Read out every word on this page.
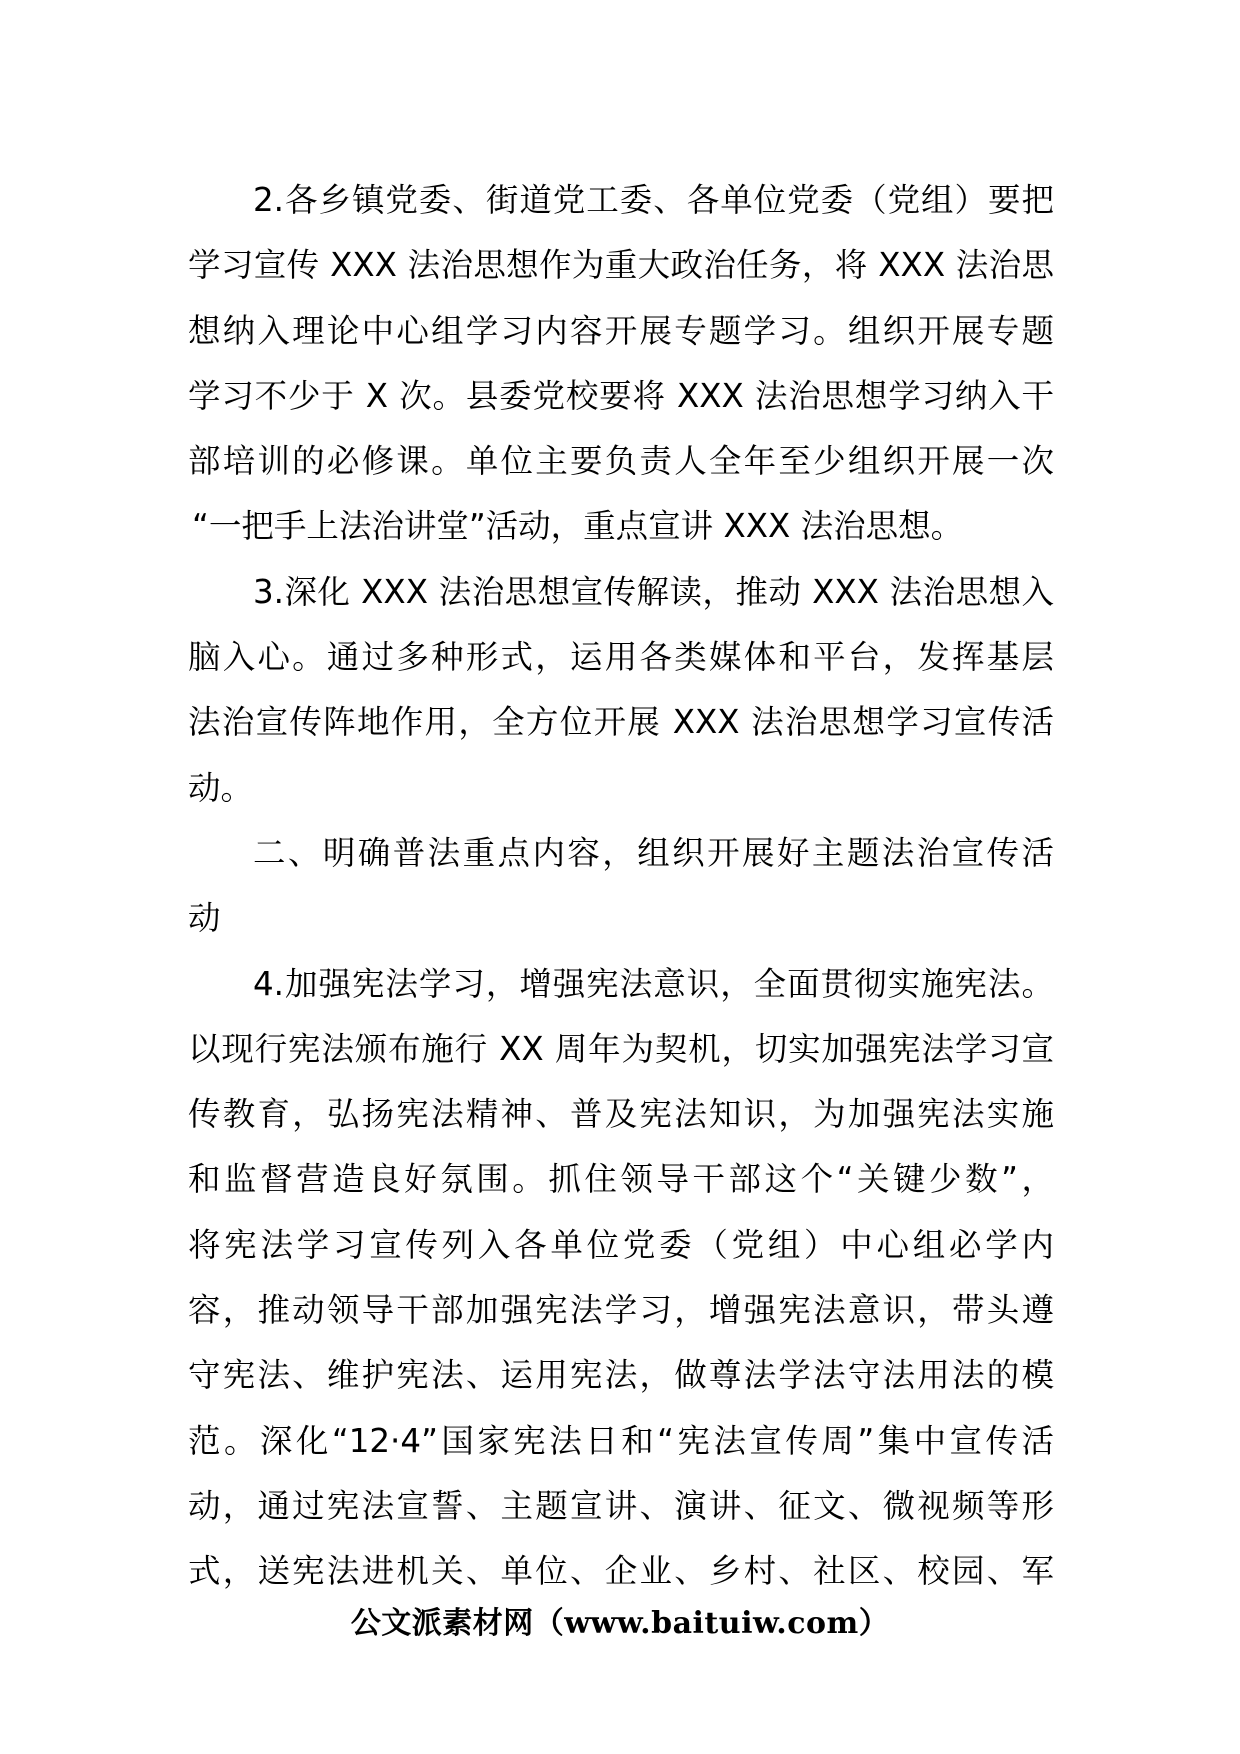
2.各乡镇党委、街道党工委、各单位党委（党组）要把
学习宣传 XXX 法治思想作为重大政治任务，将 XXX 法治思
想纳入理论中心组学习内容开展专题学习。组织开展专题
学习不少于 X 次。县委党校要将 XXX 法治思想学习纳入干
部培训的必修课。单位主要负责人全年至少组织开展一次
“一把手上法治讲堂”活动，重点宣讲 XXX 法治思想。
3.深化 XXX 法治思想宣传解读，推动 XXX 法治思想入
脑入心。通过多种形式，运用各类媒体和平台，发挥基层
法治宣传阵地作用，全方位开展 XXX 法治思想学习宣传活
动。
二、明确普法重点内容，组织开展好主题法治宣传活
动
4.加强宪法学习，增强宪法意识，全面贯彻实施宪法。
以现行宪法颁布施行 XX 周年为契机，切实加强宪法学习宣
传教育，弘扬宪法精神、普及宪法知识，为加强宪法实施
和监督营造良好氛围。抓住领导干部这个“关键少数”，
将宪法学习宣传列入各单位党委（党组）中心组必学内
容，推动领导干部加强宪法学习，增强宪法意识，带头遵
守宪法、维护宪法、运用宪法，做尊法学法守法用法的模
范。深化“12·4”国家宪法日和“宪法宣传周”集中宣传活
动，通过宪法宣誓、主题宣讲、演讲、征文、微视频等形
式，送宪法进机关、单位、企业、乡村、社区、校园、军
公文派素材网（www.baituiw.com）
